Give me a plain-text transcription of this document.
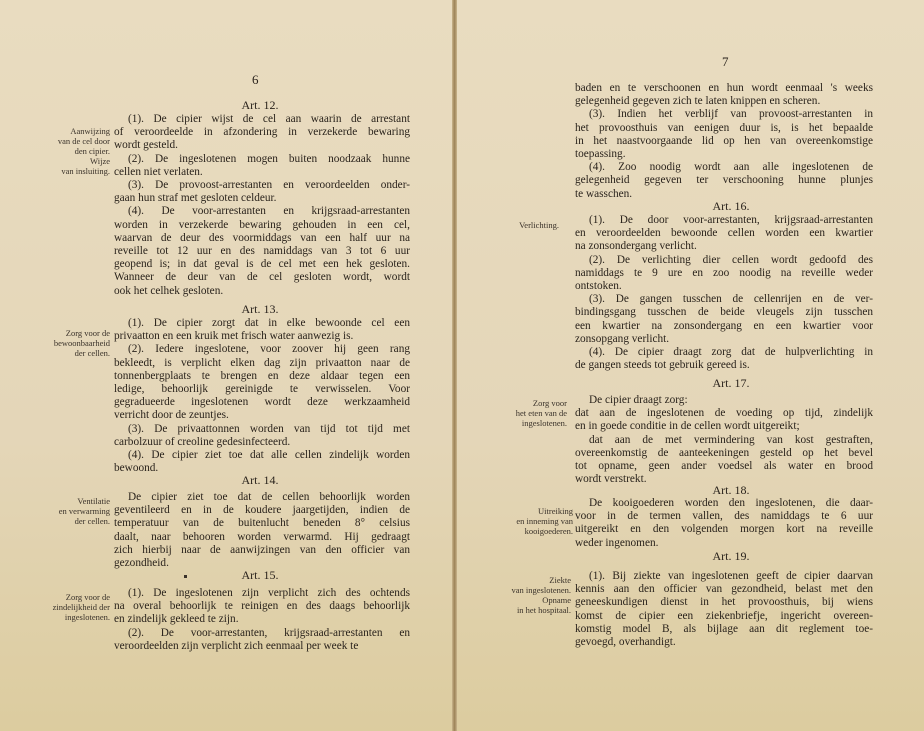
6
Art. 12.
Aanwijzing
van de cel door
den cipier.
Wijze
van insluiting.
(1). De cipier wijst de cel aan waarin de arrestant
of veroordeelde in afzondering in verzekerde bewaring
wordt gesteld.
(2). De ingeslotenen mogen buiten noodzaak hunne
cellen niet verlaten.
(3). De provoost-arrestanten en veroordeelden onder-
gaan hun straf met gesloten celdeur.
(4). De voor-arrestanten en krijgsraad-arrestanten
worden in verzekerde bewaring gehouden in een cel,
waarvan de deur des voormiddags van een half uur na
reveille tot 12 uur en des namiddags van 3 tot 6 uur
geopend is; in dat geval is de cel met een hek gesloten.
Wanneer de deur van de cel gesloten wordt, wordt
ook het celhek gesloten.
Art. 13.
Zorg voor de
bewoonbaarheid
der cellen.
(1). De cipier zorgt dat in elke bewoonde cel een
privaatton en een kruik met frisch water aanwezig is.
(2). Iedere ingeslotene, voor zoover hij geen rang
bekleedt, is verplicht elken dag zijn privaatton naar de
tonnenbergplaats te brengen en deze aldaar tegen een
ledige, behoorlijk gereinigde te verwisselen. Voor
gegradueerde ingeslotenen wordt deze werkzaamheid
verricht door de zeuntjes.
(3). De privaattonnen worden van tijd tot tijd met
carbolzuur of creoline gedesinfecteerd.
(4). De cipier ziet toe dat alle cellen zindelijk worden
bewoond.
Art. 14.
Ventilatie
en verwarming
der cellen.
De cipier ziet toe dat de cellen behoorlijk worden
geventileerd en in de koudere jaargetijden, indien de
temperatuur van de buitenlucht beneden 8° celsius
daalt, naar behooren worden verwarmd. Hij gedraagt
zich hierbij naar de aanwijzingen van den officier van
gezondheid.
Art. 15.
Zorg voor de
zindelijkheid der
ingeslotenen.
(1). De ingeslotenen zijn verplicht zich des ochtends
na overal behoorlijk te reinigen en des daags behoorlijk
en zindelijk gekleed te zijn.
(2). De voor-arrestanten, krijgsraad-arrestanten en
veroordeelden zijn verplicht zich eenmaal per week te
7
baden en te verschoonen en hun wordt eenmaal 's weeks
gelegenheid gegeven zich te laten knippen en scheren.
(3). Indien het verblijf van provoost-arrestanten in
het provoosthuis van eenigen duur is, is het bepaalde
in het naastvoorgaande lid op hen van overeenkomstige
toepassing.
(4). Zoo noodig wordt aan alle ingeslotenen de
gelegenheid gegeven ter verschooning hunne plunjes
te wasschen.
Art. 16.
Verlichting.	(1). De door voor-arrestanten, krijgsraad-arrestanten
en veroordeelden bewoonde cellen worden een kwartier
na zonsondergang verlicht.
(2). De verlichting dier cellen wordt gedoofd des
namiddags te 9 ure en zoo noodig na reveille weder
ontstoken.
(3). De gangen tusschen de cellenrijen en de ver-
bindingsgang tusschen de beide vleugels zijn tusschen
een kwartier na zonsondergang en een kwartier voor
zonsopgang verlicht.
(4). De cipier draagt zorg dat de hulpverlichting in
de gangen steeds tot gebruik gereed is.
Art. 17.
Zorg voor
het eten van de
ingeslotenen.
De cipier draagt zorg:
dat aan de ingeslotenen de voeding op tijd, zindelijk
en in goede conditie in de cellen wordt uitgereikt;
dat aan de met vermindering van kost gestraften,
overeenkomstig de aanteekeningen gesteld op het bevel
tot opname, geen ander voedsel als water en brood
wordt verstrekt.
Art. 18.
Uitreiking
en inneming van
kooigoederen.
De kooigoederen worden den ingeslotenen, die daar-
voor in de termen vallen, des namiddags te 6 uur
uitgereikt en den volgenden morgen kort na reveille
weder ingenomen.
Art. 19.
Ziekte
van ingeslotenen.
Opname
in het hospitaal.
(1). Bij ziekte van ingeslotenen geeft de cipier daarvan
kennis aan den officier van gezondheid, belast met den
geneeskundigen dienst in het provoosthuis, bij wiens
komst de cipier een ziekenbriefje, ingericht overeen-
komstig model B, als bijlage aan dit reglement toe-
gevoegd, overhandigt.
